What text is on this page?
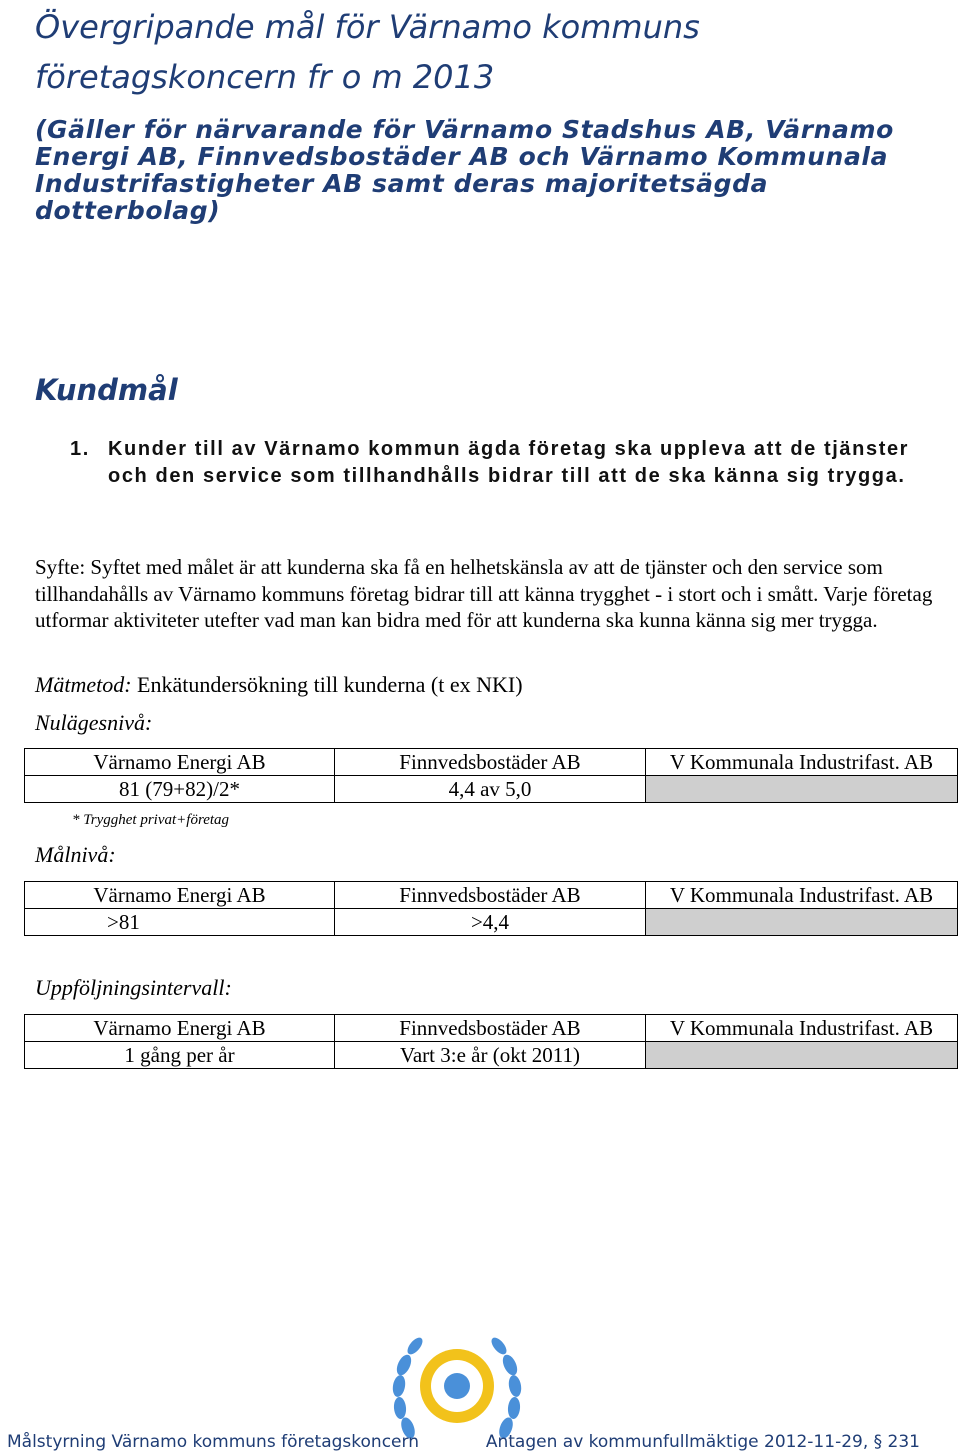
Övergripande mål för Värnamo kommuns
företagskoncern fr o m 2013
(Gäller för närvarande för Värnamo Stadshus AB, Värnamo Energi AB, Finnvedsbostäder AB och Värnamo Kommunala Industrifastigheter AB samt deras majoritetsägda dotterbolag)
Kundmål
1. Kunder till av Värnamo kommun ägda företag ska uppleva att de tjänster och den service som tillhandhålls bidrar till att de ska känna sig trygga.

Syfte: Syftet med målet är att kunderna ska få en helhetskänsla av att de tjänster och den service som tillhandahålls av Värnamo kommuns företag bidrar till att känna trygghet - i stort och i smått. Varje företag utformar aktiviteter utefter vad man kan bidra med för att kunderna ska kunna känna sig mer trygga.

Mätmetod: Enkätundersökning till kunderna (t ex NKI)
Nulägesnivå:
Värnamo Energi AB	Finnvedsbostäder AB	V Kommunala Industrifast. AB
81 (79+82)/2*	4,4 av 5,0	
* Trygghet privat+företag
Målnivå:
Värnamo Energi AB	Finnvedsbostäder AB	V Kommunala Industrifast. AB
>81	>4,4	
Uppföljningsintervall:
Värnamo Energi AB	Finnvedsbostäder AB	V Kommunala Industrifast. AB
1 gång per år	Vart 3:e år (okt 2011)	
Målstyrning Värnamo kommuns företagskoncern	Antagen av kommunfullmäktige 2012-11-29, § 231
